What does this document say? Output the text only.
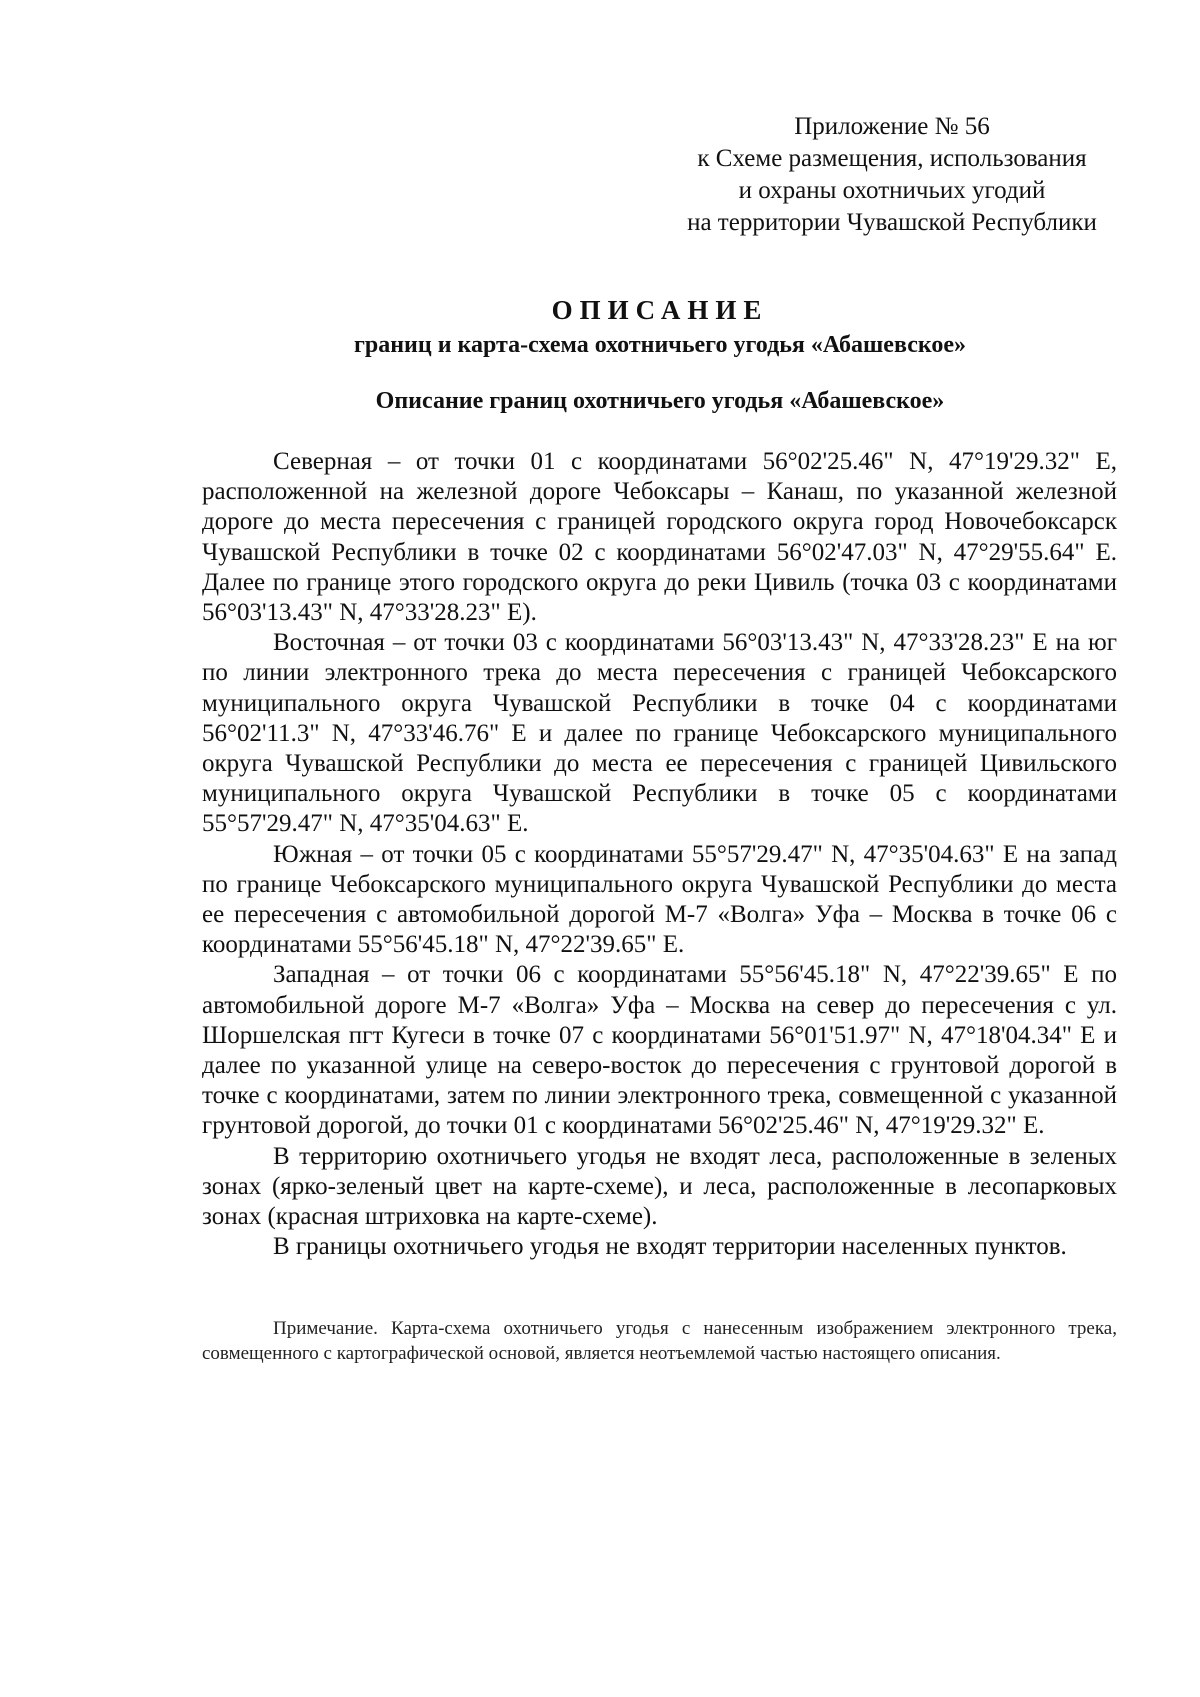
Приложение № 56
к Схеме размещения, использования
и охраны охотничьих угодий
на территории Чувашской Республики
ОПИСАНИЕ
границ и карта-схема охотничьего угодья «Абашевское»
Описание границ охотничьего угодья «Абашевское»

Северная – от точки 01 с координатами 56°02'25.46" N, 47°19'29.32" E, расположенной на железной дороге Чебоксары – Канаш, по указанной железной дороге до места пересечения с границей городского округа город Новочебоксарск Чувашской Республики в точке 02 с координатами 56°02'47.03" N, 47°29'55.64" E. Далее по границе этого городского округа до реки Цивиль (точка 03 с координатами 56°03'13.43" N, 47°33'28.23" E).

Восточная – от точки 03 с координатами 56°03'13.43" N, 47°33'28.23" E на юг по линии электронного трека до места пересечения с границей Чебоксарского муниципального округа Чувашской Республики в точке 04 с координатами 56°02'11.3" N, 47°33'46.76" E и далее по границе Чебоксарского муниципального округа Чувашской Республики до места ее пересечения с границей Цивильского муниципального округа Чувашской Республики в точке 05 с координатами 55°57'29.47" N, 47°35'04.63" E.

Южная – от точки 05 с координатами 55°57'29.47" N, 47°35'04.63" E на запад по границе Чебоксарского муниципального округа Чувашской Республики до места ее пересечения с автомобильной дорогой М-7 «Волга» Уфа – Москва в точке 06 с координатами 55°56'45.18" N, 47°22'39.65" E.

Западная – от точки 06 с координатами 55°56'45.18" N, 47°22'39.65" E по автомобильной дороге М-7 «Волга» Уфа – Москва на север до пересечения с ул. Шоршелская пгт Кугеси в точке 07 с координатами 56°01'51.97" N, 47°18'04.34" E и далее по указанной улице на северо-восток до пересечения с грунтовой дорогой в точке с координатами, затем по линии электронного трека, совмещенной с указанной грунтовой дорогой, до точки 01 с координатами 56°02'25.46" N, 47°19'29.32" E.

В территорию охотничьего угодья не входят леса, расположенные в зеленых зонах (ярко-зеленый цвет на карте-схеме), и леса, расположенные в лесопарковых зонах (красная штриховка на карте-схеме).

В границы охотничьего угодья не входят территории населенных пунктов.

Примечание. Карта-схема охотничьего угодья с нанесенным изображением электронного трека, совмещенного с картографической основой, является неотъемлемой частью настоящего описания.
